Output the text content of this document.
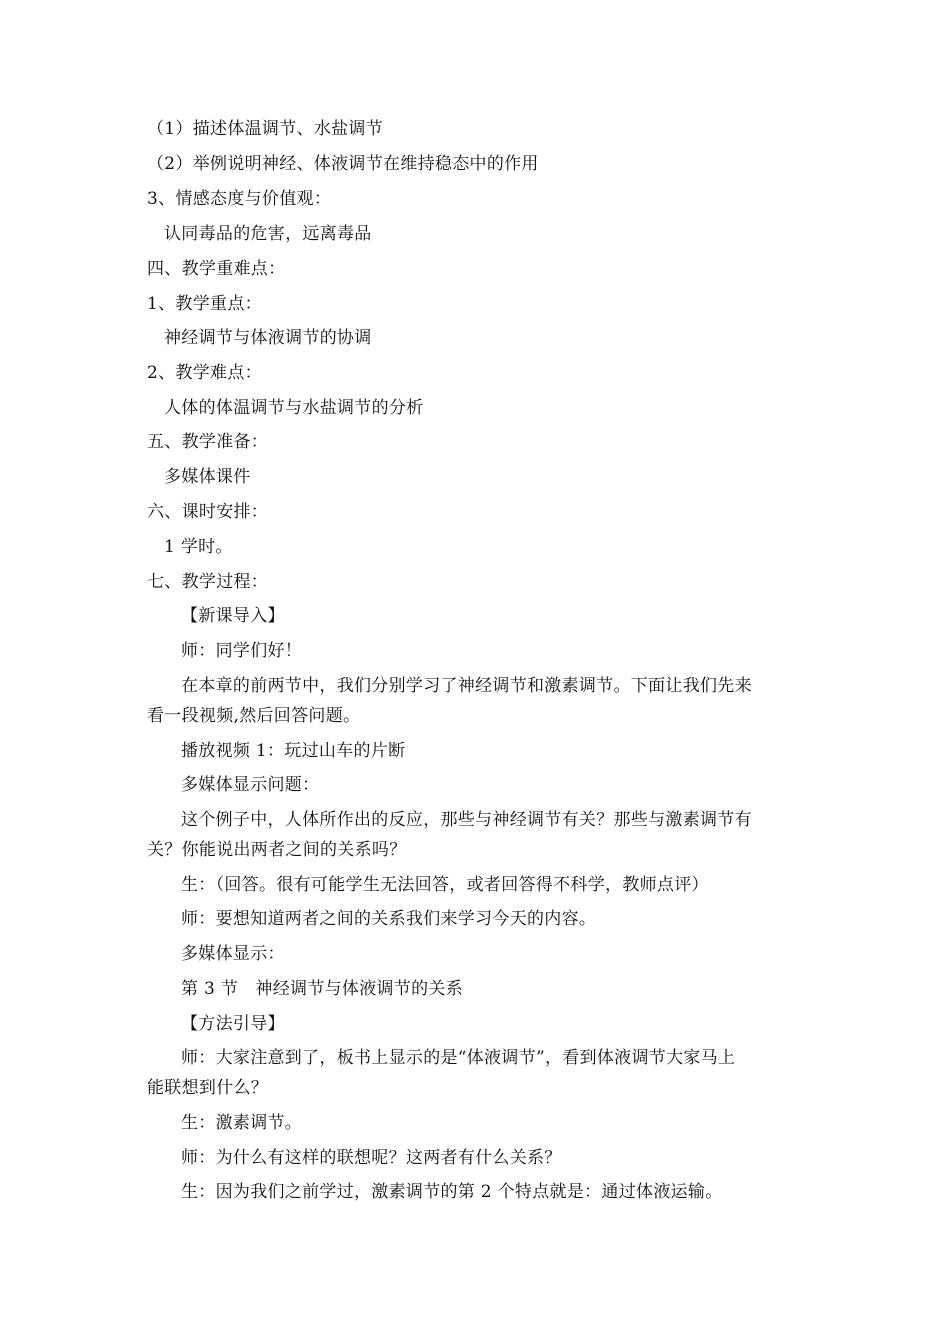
（1）描述体温调节、水盐调节
（2）举例说明神经、体液调节在维持稳态中的作用
3、情感态度与价值观：
认同毒品的危害，远离毒品
四、教学重难点：
1、教学重点：
神经调节与体液调节的协调
2、教学难点：
人体的体温调节与水盐调节的分析
五、教学准备：
多媒体课件
六、课时安排：
1 学时。
七、教学过程：
【新课导入】
师：同学们好！
在本章的前两节中，我们分别学习了神经调节和激素调节。下面让我们先来
看一段视频,然后回答问题。
播放视频 1：玩过山车的片断
多媒体显示问题：
这个例子中，人体所作出的反应，那些与神经调节有关？那些与激素调节有
关？你能说出两者之间的关系吗？
生：（回答。很有可能学生无法回答，或者回答得不科学，教师点评）
师：要想知道两者之间的关系我们来学习今天的内容。
多媒体显示：
第 3 节　神经调节与体液调节的关系
【方法引导】
师：大家注意到了，板书上显示的是“体液调节”，看到体液调节大家马上
能联想到什么？
生：激素调节。
师：为什么有这样的联想呢？这两者有什么关系？
生：因为我们之前学过，激素调节的第 2 个特点就是：通过体液运输。
